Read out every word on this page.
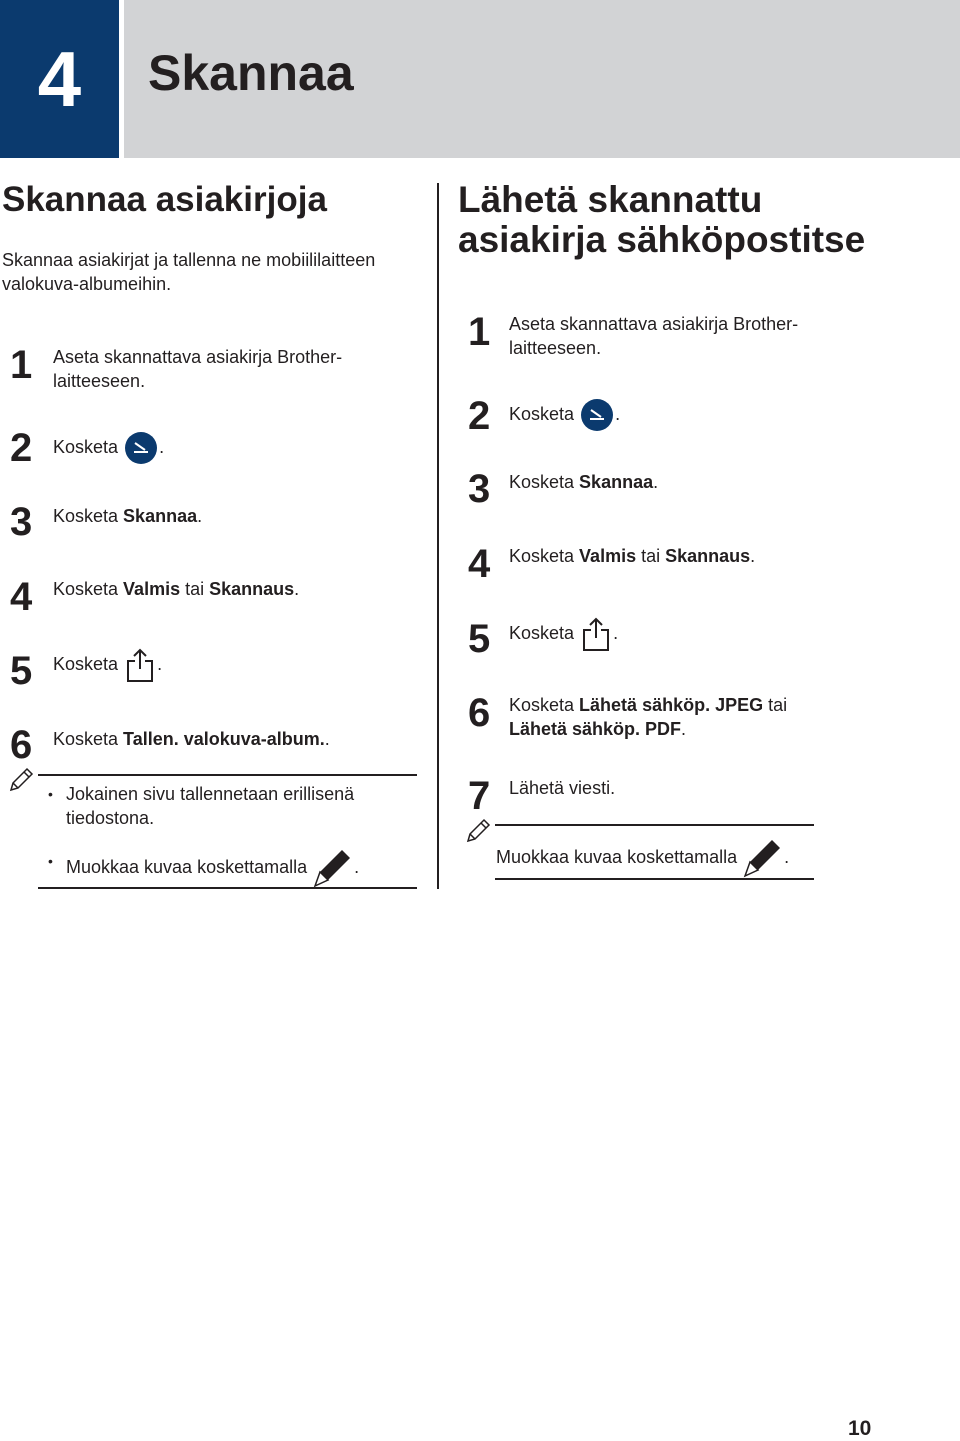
4	Skannaa
Skannaa asiakirjoja
Skannaa asiakirjat ja tallenna ne mobiililaitteen valokuva-albumeihin.
1 Aseta skannattava asiakirja Brother-
laitteeseen.
2 Kosketa .
3 Kosketa Skannaa.
4 Kosketa Valmis tai Skannaus.
5 Kosketa .
6 Kosketa Tallen. valokuva-album..
• Jokainen sivu tallennetaan erillisenä
tiedostona.
• Muokkaa kuvaa koskettamalla	.
Lähetä skannattu
asiakirja sähköpostitse
1 Aseta skannattava asiakirja Brother-
laitteeseen.
2 Kosketa .
3 Kosketa Skannaa.
4 Kosketa Valmis tai Skannaus.
5 Kosketa .
6 Kosketa Lähetä sähköp. JPEG tai
Lähetä sähköp. PDF.
7 Lähetä viesti.
Muokkaa kuvaa koskettamalla	.
10
